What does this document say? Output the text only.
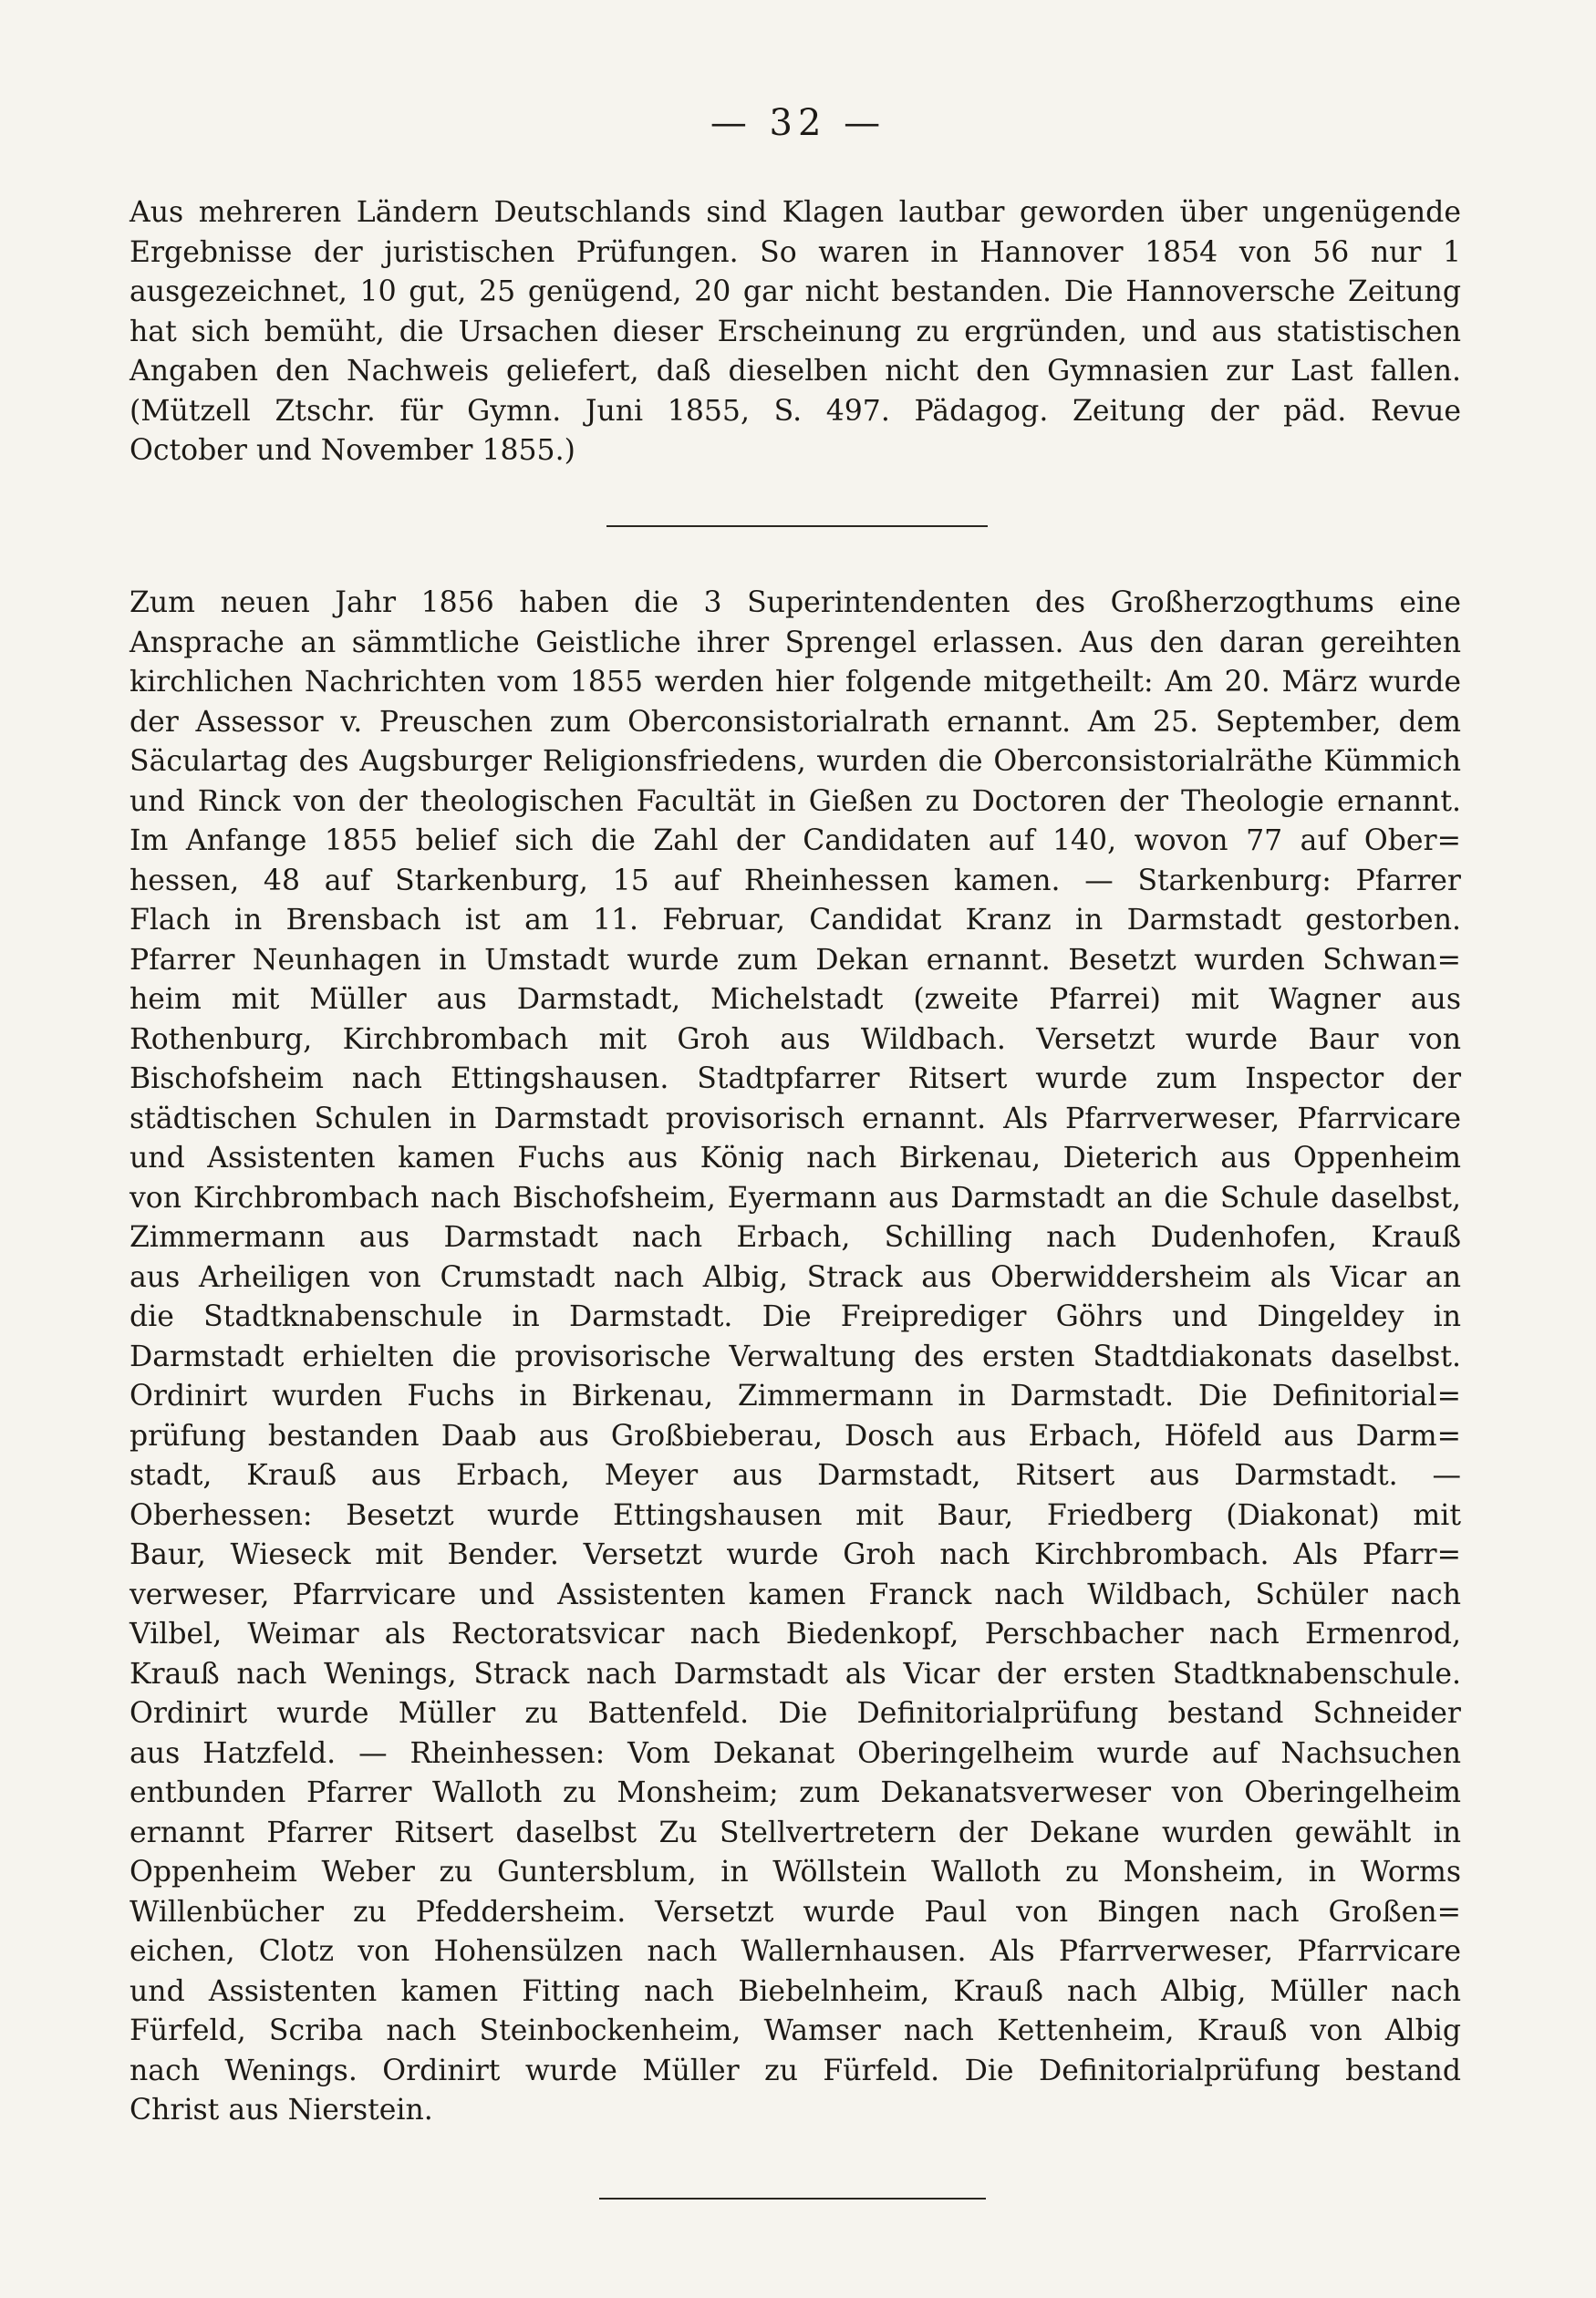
— 32 —
Aus mehreren Ländern Deutschlands sind Klagen lautbar geworden über ungenügende
Ergebnisse der juristischen Prüfungen. So waren in Hannover 1854 von 56 nur 1
ausgezeichnet, 10 gut, 25 genügend, 20 gar nicht bestanden. Die Hannoversche Zeitung
hat sich bemüht, die Ursachen dieser Erscheinung zu ergründen, und aus statistischen
Angaben den Nachweis geliefert, daß dieselben nicht den Gymnasien zur Last fallen.
(Mützell Ztschr. für Gymn. Juni 1855, S. 497. Pädagog. Zeitung der päd. Revue
October und November 1855.)
Zum neuen Jahr 1856 haben die 3 Superintendenten des Großherzogthums eine
Ansprache an sämmtliche Geistliche ihrer Sprengel erlassen. Aus den daran gereihten
kirchlichen Nachrichten vom 1855 werden hier folgende mitgetheilt: Am 20. März wurde
der Assessor v. Preuschen zum Oberconsistorialrath ernannt. Am 25. September, dem
Säculartag des Augsburger Religionsfriedens, wurden die Oberconsistorialräthe Kümmich
und Rinck von der theologischen Facultät in Gießen zu Doctoren der Theologie ernannt.
Im Anfange 1855 belief sich die Zahl der Candidaten auf 140, wovon 77 auf Ober=
hessen, 48 auf Starkenburg, 15 auf Rheinhessen kamen. — Starkenburg: Pfarrer
Flach in Brensbach ist am 11. Februar, Candidat Kranz in Darmstadt gestorben.
Pfarrer Neunhagen in Umstadt wurde zum Dekan ernannt. Besetzt wurden Schwan=
heim mit Müller aus Darmstadt, Michelstadt (zweite Pfarrei) mit Wagner aus
Rothenburg, Kirchbrombach mit Groh aus Wildbach. Versetzt wurde Baur von
Bischofsheim nach Ettingshausen. Stadtpfarrer Ritsert wurde zum Inspector der
städtischen Schulen in Darmstadt provisorisch ernannt. Als Pfarrverweser, Pfarrvicare
und Assistenten kamen Fuchs aus König nach Birkenau, Dieterich aus Oppenheim
von Kirchbrombach nach Bischofsheim, Eyermann aus Darmstadt an die Schule daselbst,
Zimmermann aus Darmstadt nach Erbach, Schilling nach Dudenhofen, Krauß
aus Arheiligen von Crumstadt nach Albig, Strack aus Oberwiddersheim als Vicar an
die Stadtknabenschule in Darmstadt. Die Freiprediger Göhrs und Dingeldey in
Darmstadt erhielten die provisorische Verwaltung des ersten Stadtdiakonats daselbst.
Ordinirt wurden Fuchs in Birkenau, Zimmermann in Darmstadt. Die Definitorial=
prüfung bestanden Daab aus Großbieberau, Dosch aus Erbach, Höfeld aus Darm=
stadt, Krauß aus Erbach, Meyer aus Darmstadt, Ritsert aus Darmstadt. —
Oberhessen: Besetzt wurde Ettingshausen mit Baur, Friedberg (Diakonat) mit
Baur, Wieseck mit Bender. Versetzt wurde Groh nach Kirchbrombach. Als Pfarr=
verweser, Pfarrvicare und Assistenten kamen Franck nach Wildbach, Schüler nach
Vilbel, Weimar als Rectoratsvicar nach Biedenkopf, Perschbacher nach Ermenrod,
Krauß nach Wenings, Strack nach Darmstadt als Vicar der ersten Stadtknabenschule.
Ordinirt wurde Müller zu Battenfeld. Die Definitorialprüfung bestand Schneider
aus Hatzfeld. — Rheinhessen: Vom Dekanat Oberingelheim wurde auf Nachsuchen
entbunden Pfarrer Walloth zu Monsheim; zum Dekanatsverweser von Oberingelheim
ernannt Pfarrer Ritsert daselbst Zu Stellvertretern der Dekane wurden gewählt in
Oppenheim Weber zu Guntersblum, in Wöllstein Walloth zu Monsheim, in Worms
Willenbücher zu Pfeddersheim. Versetzt wurde Paul von Bingen nach Großen=
eichen, Clotz von Hohensülzen nach Wallernhausen. Als Pfarrverweser, Pfarrvicare
und Assistenten kamen Fitting nach Biebelnheim, Krauß nach Albig, Müller nach
Fürfeld, Scriba nach Steinbockenheim, Wamser nach Kettenheim, Krauß von Albig
nach Wenings. Ordinirt wurde Müller zu Fürfeld. Die Definitorialprüfung bestand
Christ aus Nierstein.
